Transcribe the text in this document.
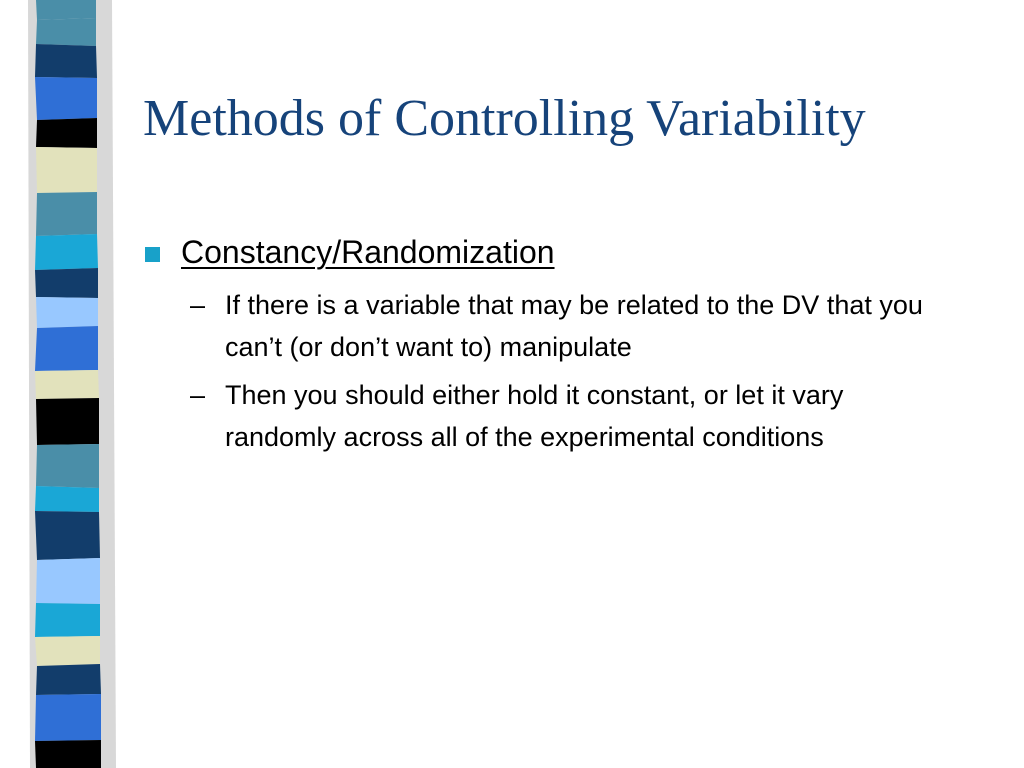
Methods of Controlling Variability
Constancy/Randomization
– If there is a variable that may be related to the DV that you can’t (or don’t want to) manipulate
– Then you should either hold it constant, or let it vary randomly across all of the experimental conditions
